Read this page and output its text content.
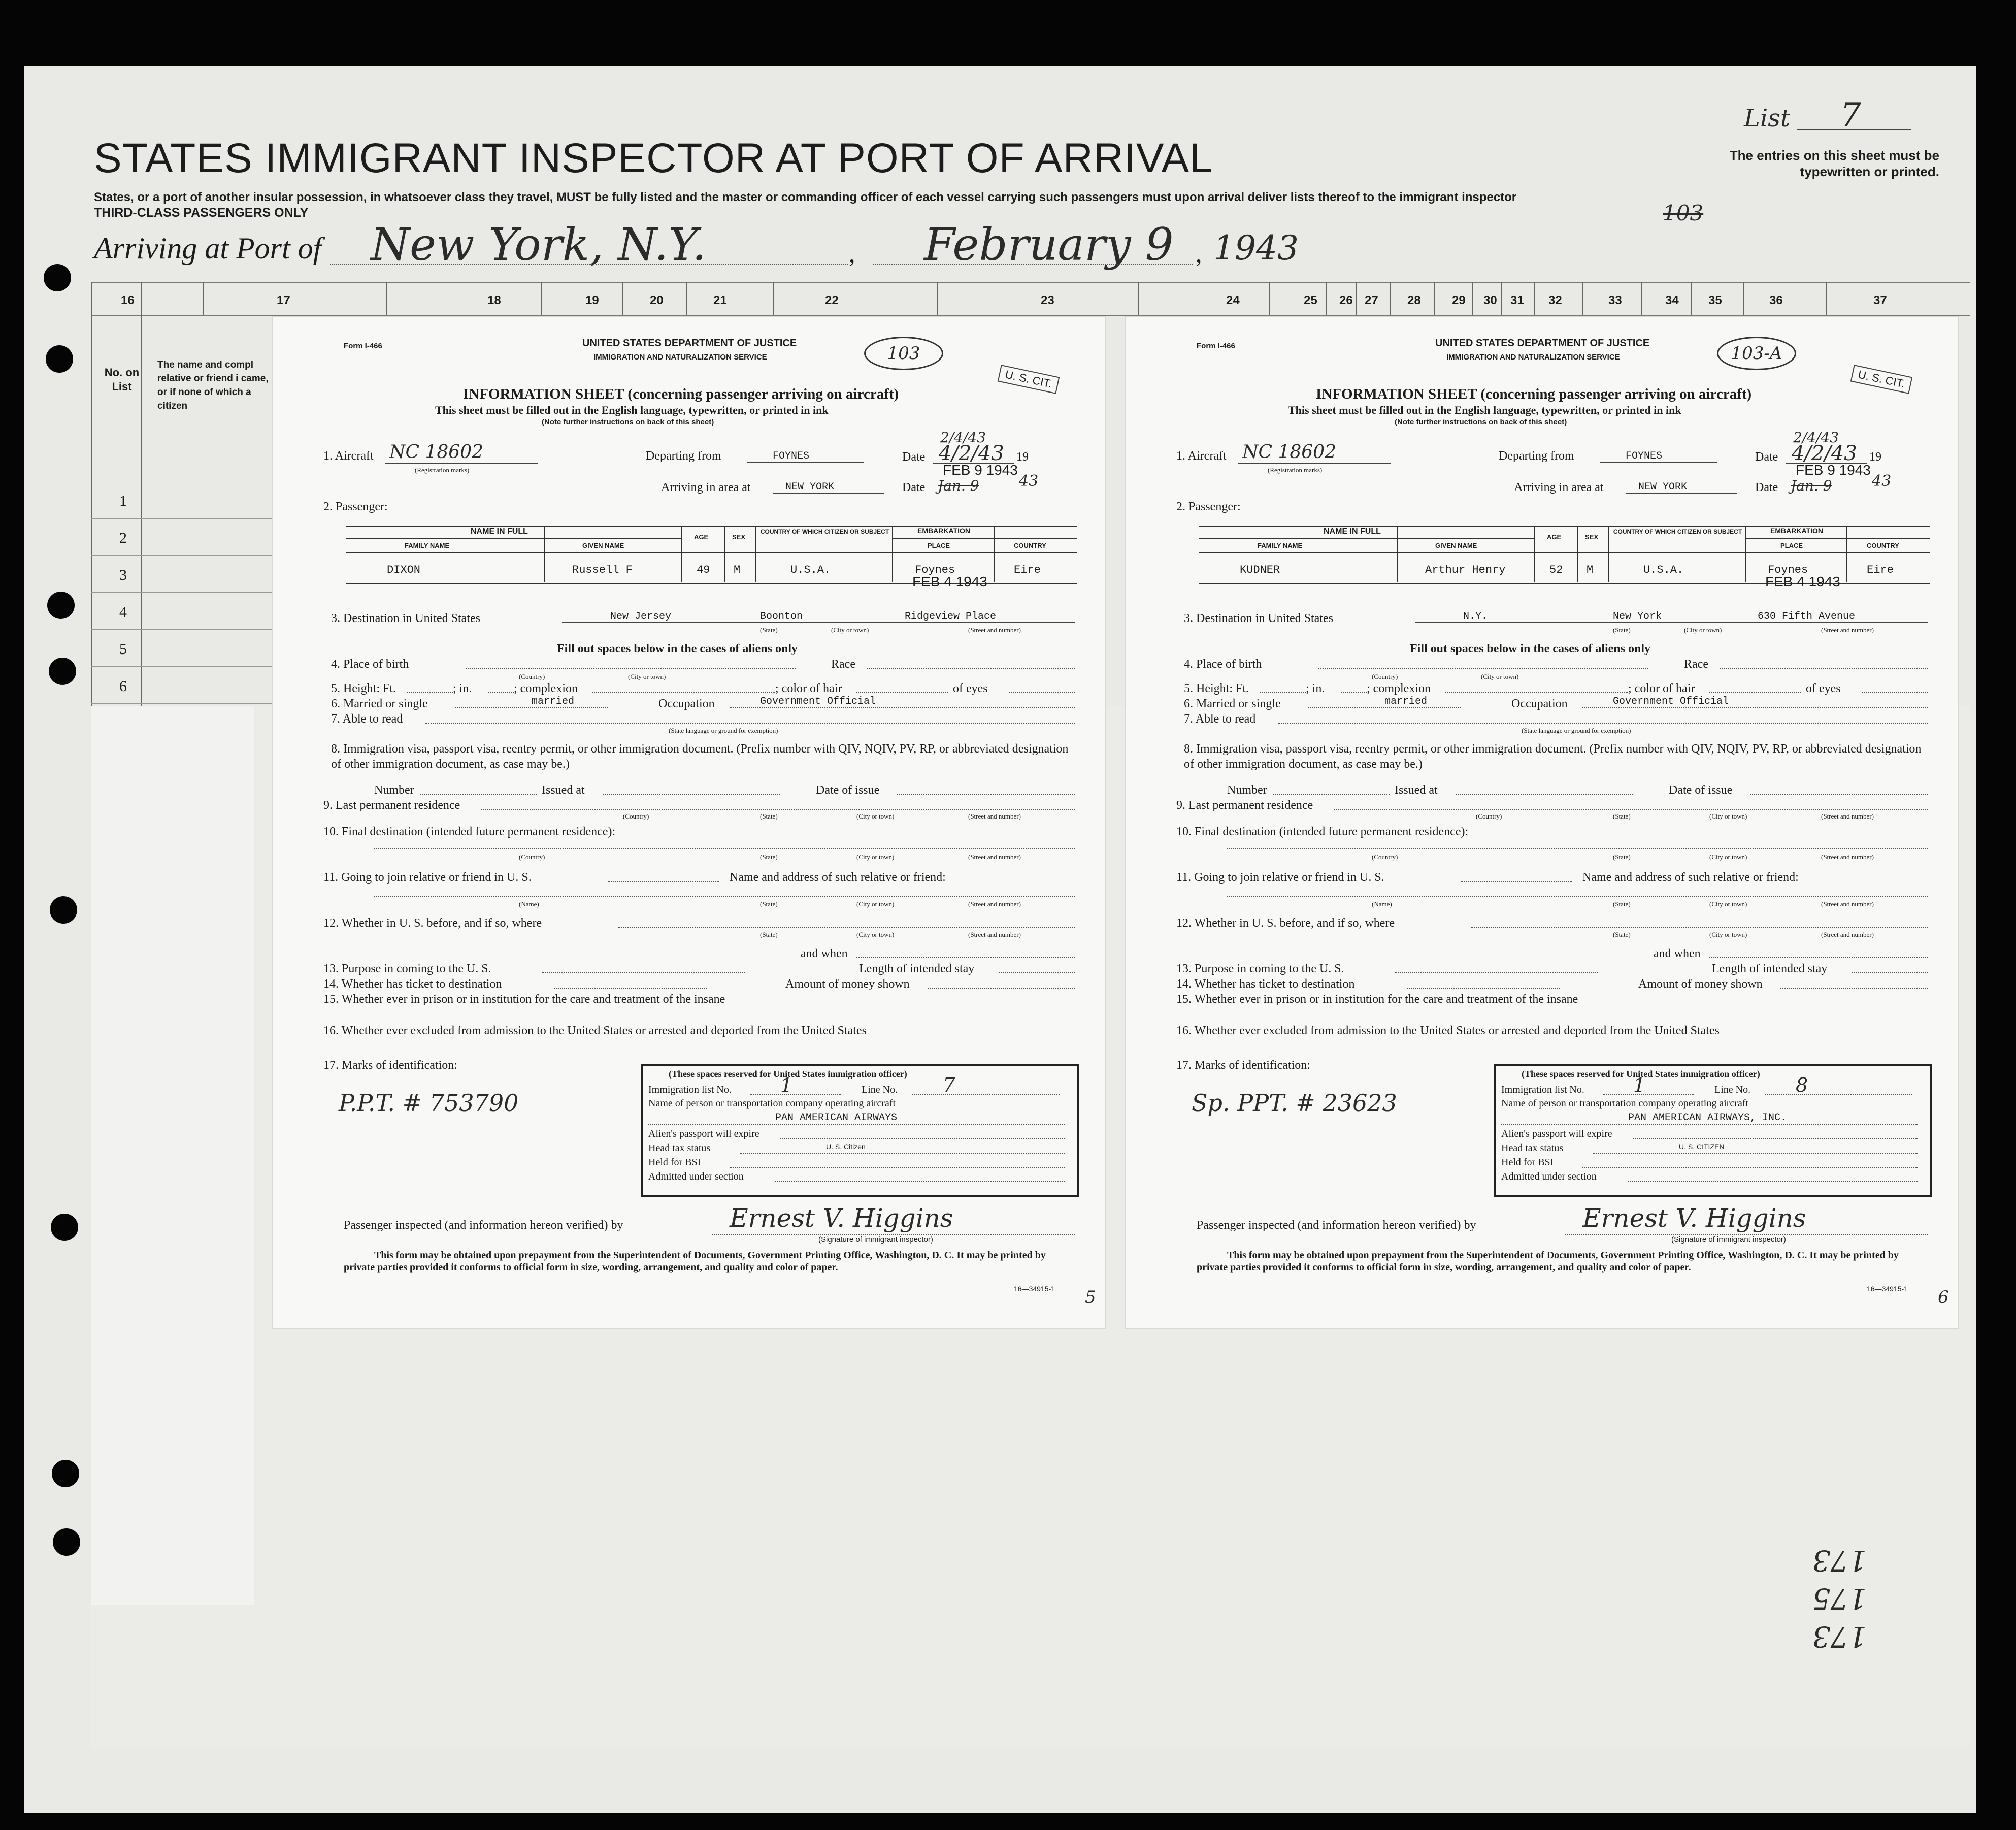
List 7
The entries on this sheet must be typewritten or printed.
STATES IMMIGRANT INSPECTOR AT PORT OF ARRIVAL
States, or a port of another insular possession, in whatsoever class they travel, MUST be fully listed and the master or commanding officer of each vessel carrying such passengers must upon arrival deliver lists thereof to the immigrant inspector
THIRD-CLASS PASSENGERS ONLY	103
Arriving at Port of New York, N.Y.	, February 9 , 1943
16	17	18	19	20	21	22	23	24	25 26 27 28	29 30 31 32	33	34 35	36	37
No. on List
The name and compl relative or friend i came, or if none of which a citizen
1
2
3
4
5
6
173
175
173
Form I-466	UNITED STATES DEPARTMENT OF JUSTICE
IMMIGRATION AND NATURALIZATION SERVICE	103
U. S. CIT.
INFORMATION SHEET (concerning passenger arriving on aircraft)
This sheet must be filled out in the English language, typewritten, or printed in ink
(Note further instructions on back of this sheet)
1. Aircraft NC 18602
(Registration marks)
Departing from	FOYNES	Date
2/4/43
4/2/43 19
Arriving in area at	NEW YORK	Date Jan. 9	43
FEB 9 1943
2. Passenger:
NAME IN FULL
FAMILY NAME	GIVEN NAME
AGE	SEX
COUNTRY OF WHICH CITIZEN OR SUBJECT	EMBARKATION
PLACE	COUNTRY
DIXON	Russell F	49 M	U.S.A.	Foynes	Eire
FEB 4 1943
3. Destination in United States	New Jersey	Boonton	Ridgeview Place
(State)	(City or town)	(Street and number)
Fill out spaces below in the cases of aliens only
4. Place of birth
(Country)	(City or town)
Race
5. Height: Ft.	; in.	; complexion	; color of hair	of eyes
6. Married or single	married	Occupation	Government Official
7. Able to read
(State language or ground for exemption)
8. Immigration visa, passport visa, reentry permit, or other immigration document. (Prefix number with QIV, NQIV, PV, RP, or abbreviated designation of other immigration document, as case may be.)
Number	Issued at	Date of issue
9. Last permanent residence
(Country)	(State)	(City or town)	(Street and number)
10. Final destination (intended future permanent residence):
(Country)	(State)	(City or town)	(Street and number)
11. Going to join relative or friend in U. S.	Name and address of such relative or friend:
(Name)	(State)	(City or town)	(Street and number)
12. Whether in U. S. before, and if so, where
(State)	(City or town)	(Street and number)
and when
13. Purpose in coming to the U. S.	Length of intended stay
14. Whether has ticket to destination	Amount of money shown
15. Whether ever in prison or in institution for the care and treatment of the insane
16. Whether ever excluded from admission to the United States or arrested and deported from the United States
17. Marks of identification:
P.P.T. # 753790
(These spaces reserved for United States immigration officer)
Immigration list No.	1	Line No. 7
Name of person or transportation company operating aircraft
PAN AMERICAN AIRWAYS
Alien's passport will expire
Head tax status	U. S. Citizen
Held for BSI
Admitted under section
Passenger inspected (and information hereon verified) by	Ernest V. Higgins
(Signature of immigrant inspector)
This form may be obtained upon prepayment from the Superintendent of Documents, Government Printing Office, Washington, D. C. It may be printed by private parties provided it conforms to official form in size, wording, arrangement, and quality and color of paper.
16—34915-1 5
Form I-466	UNITED STATES DEPARTMENT OF JUSTICE
IMMIGRATION AND NATURALIZATION SERVICE	103-A
U. S. CIT.
INFORMATION SHEET (concerning passenger arriving on aircraft)
This sheet must be filled out in the English language, typewritten, or printed in ink
(Note further instructions on back of this sheet)
1. Aircraft NC 18602
(Registration marks)
Departing from	FOYNES	Date
2/4/43
4/2/43 19
Arriving in area at	NEW YORK	Date Jan. 9	43
FEB 9 1943
2. Passenger:
NAME IN FULL
FAMILY NAME	GIVEN NAME
AGE	SEX
COUNTRY OF WHICH CITIZEN OR SUBJECT	EMBARKATION
PLACE	COUNTRY
KUDNER	Arthur Henry	52 M	U.S.A.	Foynes	Eire
FEB 4 1943
3. Destination in United States	N.Y.	New York	630 Fifth Avenue
(State)	(City or town)	(Street and number)
Fill out spaces below in the cases of aliens only
4. Place of birth
(Country)	(City or town)
Race
5. Height: Ft.	; in.	; complexion	; color of hair	of eyes
6. Married or single	married	Occupation	Government Official
7. Able to read
(State language or ground for exemption)
8. Immigration visa, passport visa, reentry permit, or other immigration document. (Prefix number with QIV, NQIV, PV, RP, or abbreviated designation of other immigration document, as case may be.)
Number	Issued at	Date of issue
9. Last permanent residence
(Country)	(State)	(City or town)	(Street and number)
10. Final destination (intended future permanent residence):
(Country)	(State)	(City or town)	(Street and number)
11. Going to join relative or friend in U. S.	Name and address of such relative or friend:
(Name)	(State)	(City or town)	(Street and number)
12. Whether in U. S. before, and if so, where
(State)	(City or town)	(Street and number)
and when
13. Purpose in coming to the U. S.	Length of intended stay
14. Whether has ticket to destination	Amount of money shown
15. Whether ever in prison or in institution for the care and treatment of the insane
16. Whether ever excluded from admission to the United States or arrested and deported from the United States
17. Marks of identification:
Sp. PPT. # 23623
(These spaces reserved for United States immigration officer)
Immigration list No.	1	Line No. 8
Name of person or transportation company operating aircraft
PAN AMERICAN AIRWAYS, INC.
Alien's passport will expire
Head tax status	U. S. CITIZEN
Held for BSI
Admitted under section
Passenger inspected (and information hereon verified) by	Ernest V. Higgins
(Signature of immigrant inspector)
This form may be obtained upon prepayment from the Superintendent of Documents, Government Printing Office, Washington, D. C. It may be printed by private parties provided it conforms to official form in size, wording, arrangement, and quality and color of paper.
16—34915-1 6
